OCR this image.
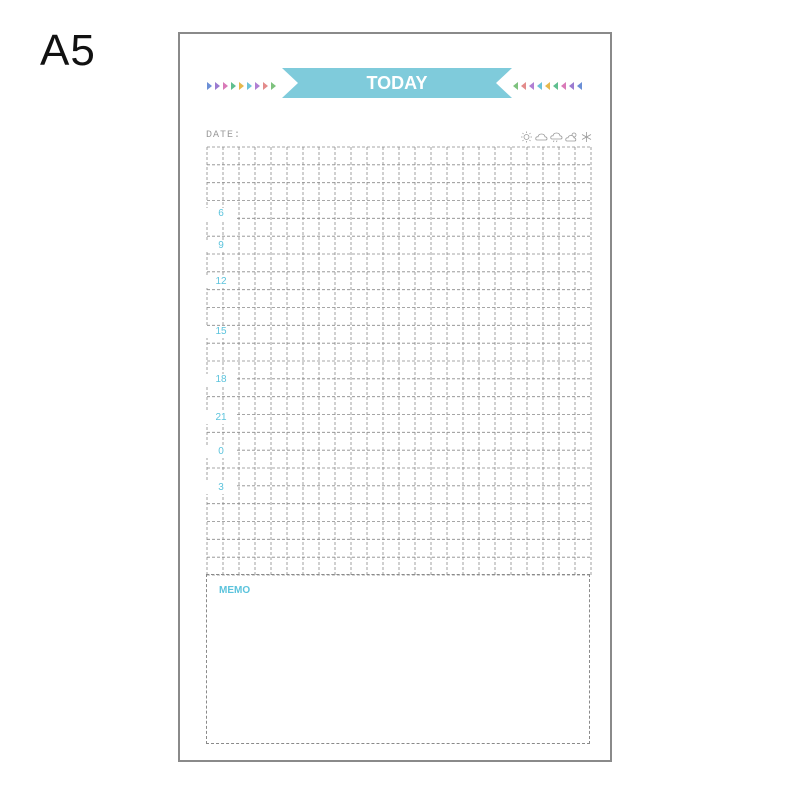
A5
TODAY
DATE:
6
9
12
15
18
21
0
3
MEMO
